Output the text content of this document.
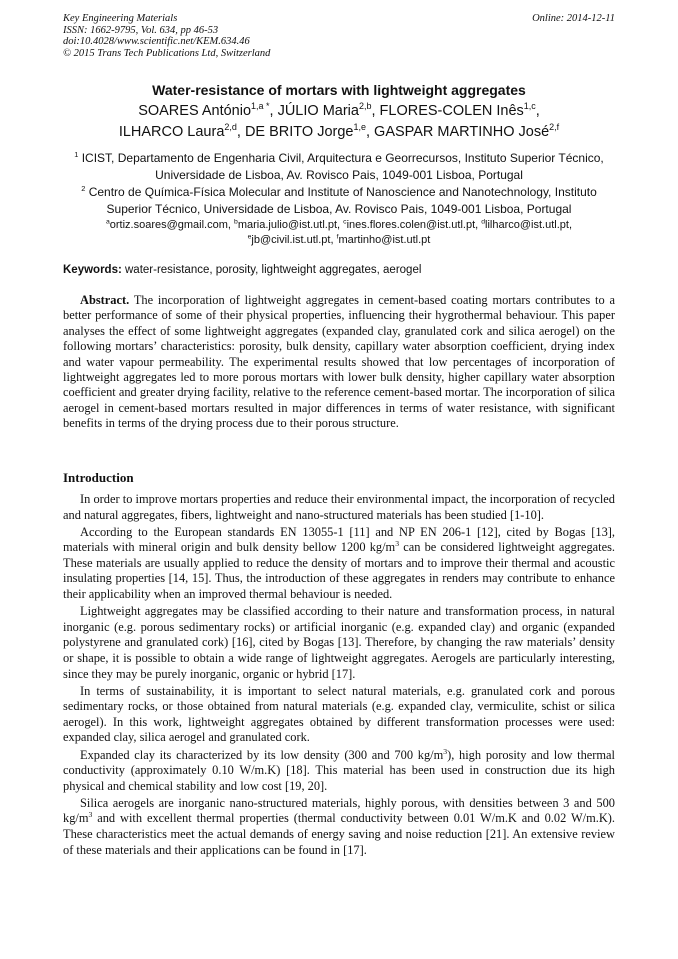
Key Engineering Materials
ISSN: 1662-9795, Vol. 634, pp 46-53
doi:10.4028/www.scientific.net/KEM.634.46
© 2015 Trans Tech Publications Ltd, Switzerland
Online: 2014-12-11
Water-resistance of mortars with lightweight aggregates
SOARES António$^{1,a *}$, JÚLIO Maria$^{2,b}$, FLORES-COLEN Inês$^{1,c}$,
ILHARCO Laura$^{2,d}$, DE BRITO Jorge$^{1,e}$, GASPAR MARTINHO José$^{2,f}$
$^1$ ICIST, Departamento de Engenharia Civil, Arquitectura e Georrecursos, Instituto Superior Técnico, Universidade de Lisboa, Av. Rovisco Pais, 1049-001 Lisboa, Portugal
$^2$ Centro de Química-Física Molecular and Institute of Nanoscience and Nanotechnology, Instituto Superior Técnico, Universidade de Lisboa, Av. Rovisco Pais, 1049-001 Lisboa, Portugal
$^a$ortiz.soares@gmail.com, $^b$maria.julio@ist.utl.pt, $^c$ines.flores.colen@ist.utl.pt, $^d$lilharco@ist.utl.pt,
$^e$jb@civil.ist.utl.pt, $^f$martinho@ist.utl.pt
Keywords: water-resistance, porosity, lightweight aggregates, aerogel

Abstract. The incorporation of lightweight aggregates in cement-based coating mortars contributes to a better performance of some of their physical properties, influencing their hygrothermal behaviour. This paper analyses the effect of some lightweight aggregates (expanded clay, granulated cork and silica aerogel) on the following mortars’ characteristics: porosity, bulk density, capillary water absorption coefficient, drying index and water vapour permeability. The experimental results showed that low percentages of incorporation of lightweight aggregates led to more porous mortars with lower bulk density, higher capillary water absorption coefficient and greater drying facility, relative to the reference cement-based mortar. The incorporation of silica aerogel in cement-based mortars resulted in major differences in terms of water resistance, with significant benefits in terms of the drying process due to their porous structure.

Introduction

In order to improve mortars properties and reduce their environmental impact, the incorporation of recycled and natural aggregates, fibers, lightweight and nano-structured materials has been studied [1-10].

According to the European standards EN 13055-1 [11] and NP EN 206-1 [12], cited by Bogas [13], materials with mineral origin and bulk density bellow 1200 $kg/m^3$ can be considered lightweight aggregates. These materials are usually applied to reduce the density of mortars and to improve their thermal and acoustic insulating properties [14, 15]. Thus, the introduction of these aggregates in renders may contribute to enhance their applicability when an improved thermal behaviour is needed.

Lightweight aggregates may be classified according to their nature and transformation process, in natural inorganic (e.g. porous sedimentary rocks) or artificial inorganic (e.g. expanded clay) and organic (expanded polystyrene and granulated cork) [16], cited by Bogas [13]. Therefore, by changing the raw materials’ density or shape, it is possible to obtain a wide range of lightweight aggregates. Aerogels are particularly interesting, since they may be purely inorganic, organic or hybrid [17].

In terms of sustainability, it is important to select natural materials, e.g. granulated cork and porous sedimentary rocks, or those obtained from natural materials (e.g. expanded clay, vermiculite, schist or silica aerogel). In this work, lightweight aggregates obtained by different transformation processes were used: expanded clay, silica aerogel and granulated cork.

Expanded clay its characterized by its low density (300 and 700 $kg/m^3$), high porosity and low thermal conductivity (approximately 0.10 W/m.K) [18]. This material has been used in construction due its high physical and chemical stability and low cost [19, 20].

Silica aerogels are inorganic nano-structured materials, highly porous, with densities between 3 and 500 $kg/m^3$ and with excellent thermal properties (thermal conductivity between 0.01 W/m.K and 0.02 W/m.K). These characteristics meet the actual demands of energy saving and noise reduction [21]. An extensive review of these materials and their applications can be found in [17].
